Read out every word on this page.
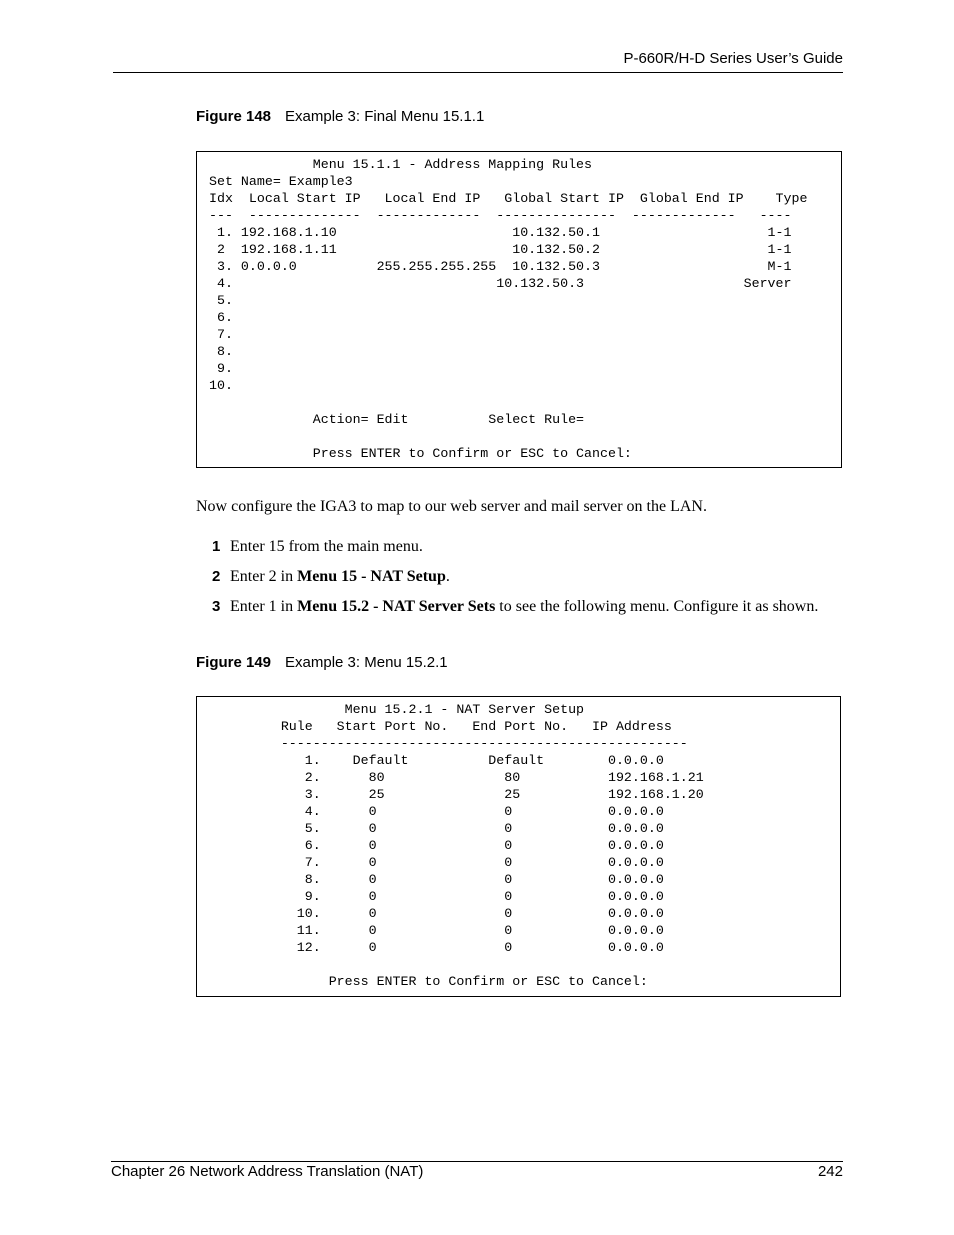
P-660R/H-D Series User’s Guide
Figure 148 Example 3: Final Menu 15.1.1
Menu 15.1.1 - Address Mapping Rules
Set Name= Example3
Idx  Local Start IP   Local End IP   Global Start IP  Global End IP    Type
---  --------------  -------------  ---------------  -------------   ----
1. 192.168.1.10                      10.132.50.1                     1-1
2  192.168.1.11                      10.132.50.2                     1-1
3. 0.0.0.0          255.255.255.255  10.132.50.3                     M-1
4.                                 10.132.50.3                    Server
5.
6.
7.
8.
9.
10.

Action= Edit          Select Rule=

Press ENTER to Confirm or ESC to Cancel:
Now configure the IGA3 to map to our web server and mail server on the LAN.
1 Enter 15 from the main menu.
2 Enter 2 in Menu 15 - NAT Setup.
3 Enter 1 in Menu 15.2 - NAT Server Sets to see the following menu. Configure it as shown.
Figure 149 Example 3: Menu 15.2.1
Menu 15.2.1 - NAT Server Setup
Rule   Start Port No.   End Port No.   IP Address
---------------------------------------------------
1.    Default          Default        0.0.0.0
2.      80               80           192.168.1.21
3.      25               25           192.168.1.20
4.      0                0            0.0.0.0
5.      0                0            0.0.0.0
6.      0                0            0.0.0.0
7.      0                0            0.0.0.0
8.      0                0            0.0.0.0
9.      0                0            0.0.0.0
10.      0                0            0.0.0.0
11.      0                0            0.0.0.0
12.      0                0            0.0.0.0

Press ENTER to Confirm or ESC to Cancel:
Chapter 26 Network Address Translation (NAT)	242
